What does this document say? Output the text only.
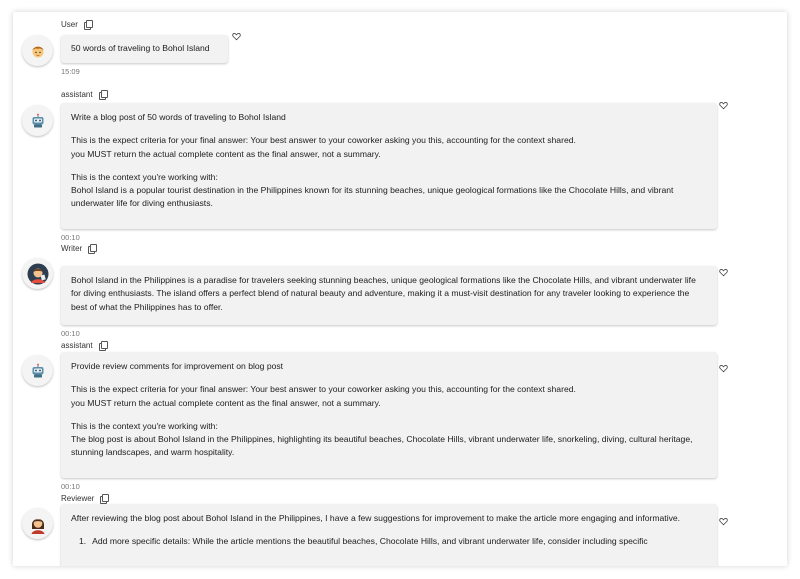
User

50 words of traveling to Bohol Island

15:09
assistant

Write a blog post of 50 words of traveling to Bohol Island

This is the expect criteria for your final answer: Your best answer to your coworker asking you this, accounting for the context shared.

you MUST return the actual complete content as the final answer, not a summary.

This is the context you're working with:

Bohol Island is a popular tourist destination in the Philippines known for its stunning beaches, unique geological formations like the Chocolate Hills, and vibrant underwater life for diving enthusiasts.

00:10
Writer

Bohol Island in the Philippines is a paradise for travelers seeking stunning beaches, unique geological formations like the Chocolate Hills, and vibrant underwater life for diving enthusiasts. The island offers a perfect blend of natural beauty and adventure, making it a must-visit destination for any traveler looking to experience the best of what the Philippines has to offer.

00:10
assistant

Provide review comments for improvement on blog post

This is the expect criteria for your final answer: Your best answer to your coworker asking you this, accounting for the context shared.

you MUST return the actual complete content as the final answer, not a summary.

This is the context you're working with:

The blog post is about Bohol Island in the Philippines, highlighting its beautiful beaches, Chocolate Hills, vibrant underwater life, snorkeling, diving, cultural heritage, stunning landscapes, and warm hospitality.

00:10
Reviewer

After reviewing the blog post about Bohol Island in the Philippines, I have a few suggestions for improvement to make the article more engaging and informative.

1. Add more specific details: While the article mentions the beautiful beaches, Chocolate Hills, and vibrant underwater life, consider including specific
